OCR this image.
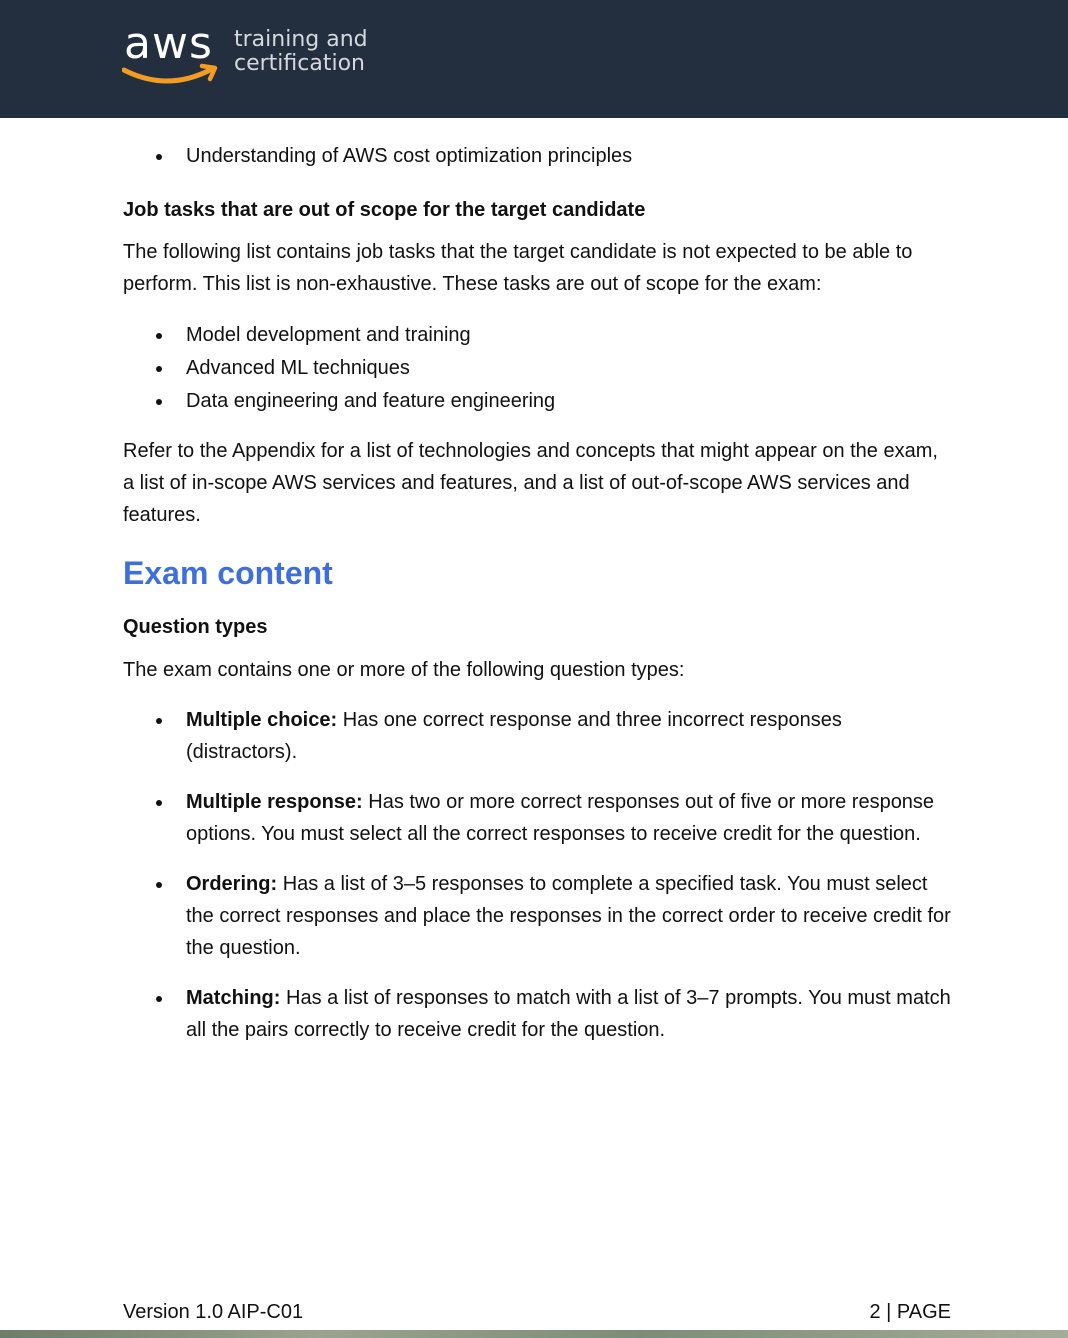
aws training and
certification
Understanding of AWS cost optimization principles

Job tasks that are out of scope for the target candidate

The following list contains job tasks that the target candidate is not expected to be able to perform. This list is non-exhaustive. These tasks are out of scope for the exam:

Model development and training
Advanced ML techniques
Data engineering and feature engineering

Refer to the Appendix for a list of technologies and concepts that might appear on the exam, a list of in-scope AWS services and features, and a list of out-of-scope AWS services and features.

Exam content

Question types

The exam contains one or more of the following question types:

Multiple choice: Has one correct response and three incorrect responses (distractors).
Multiple response: Has two or more correct responses out of five or more response options. You must select all the correct responses to receive credit for the question.
Ordering: Has a list of 3–5 responses to complete a specified task. You must select the correct responses and place the responses in the correct order to receive credit for the question.
Matching: Has a list of responses to match with a list of 3–7 prompts. You must match all the pairs correctly to receive credit for the question.
Version 1.0 AIP-C01	2 | PAGE
